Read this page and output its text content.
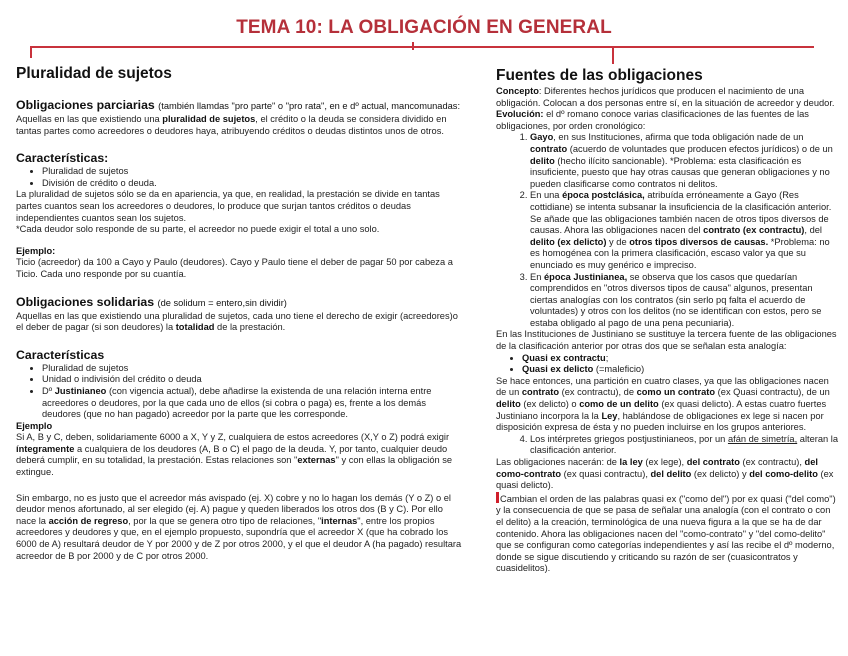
TEMA 10: LA OBLIGACIÓN EN GENERAL
Pluralidad de sujetos
Obligaciones parciarias (también llamdas "pro parte" o "pro rata", en e dº actual, mancomunadas:

Aquellas en las que existiendo una pluralidad de sujetos, el crédito o la deuda se considera dividido en tantas partes como acreedores o deudores haya, atribuyendo créditos o deudas distintos unos de otros.

Características:
• Pluralidad de sujetos
• División de crédito o deuda.

La pluralidad de sujetos sólo se da en apariencia, ya que, en realidad, la prestación se divide en tantas partes cuantos sean los acreedores o deudores, lo produce que surjan tantos créditos o deudas independientes cuantos sean los sujetos.

*Cada deudor solo responde de su parte, el acreedor no puede exigir el total a uno solo.

Ejemplo:

Ticio (acreedor) da 100 a Cayo y Paulo (deudores). Cayo y Paulo tiene el deber de pagar 50 por cabeza a Ticio. Cada uno responde por su cuantía.

Obligaciones solidarias (de solidum = entero,sin dividir)

Aquellas en las que existiendo una pluralidad de sujetos, cada uno tiene el derecho de exigir (acreedores)o el deber de pagar (si son deudores) la totalidad de la prestación.

Características
• Pluralidad de sujetos
• Unidad o indivisión del crédito o deuda
• Dº Justinianeo (con vigencia actual), debe añadirse la existenda de una relación interna entre acreedores o deudores, por la que cada uno de ellos (si cobra o paga) es, frente a los demás deudores (que no han pagado) acreedor por la parte que les corresponde.

Ejemplo

Si A, B y C, deben, solidariamente 6000 a X, Y y Z, cualquiera de estos acreedores (X,Y o Z) podrá exigir íntegramente a cualquiera de los deudores (A, B o C) el pago de la deuda. Y, por tanto, cualquier deudo deberá cumplir, en su totalidad, la prestación. Estas relaciones son "externas" y con ellas la obligación se extingue.

Sin embargo, no es justo que el acreedor más avispado (ej. X) cobre y no lo hagan los demás (Y o Z) o el deudor menos afortunado, al ser elegido (ej. A) pague y queden liberados los otros dos (B y C). Por ello nace la acción de regreso, por la que se genera otro tipo de relaciones, "internas", entre los propios acreedores y deudores y que, en el ejemplo propuesto, supondría que el acreedor X (que ha cobrado los 6000 de A) resultará deudor de Y por 2000 y de Z por otros 2000, y el que el deudor A (ha pagado) resultara acreedor de B por 2000 y de C por otros 2000.

Fuentes de las obligaciones

Concepto: Diferentes hechos jurídicos que producen el nacimiento de una obligación. Colocan a dos personas entre sí, en la situación de acreedor y deudor.

Evolución: el dº romano conoce varias clasificaciones de las fuentes de las obligaciones, por orden cronológico:

1. Gayo, en sus Instituciones, afirma que toda obligación nade de un contrato (acuerdo de voluntades que producen efectos jurídicos) o de un delito (hecho ilícito sancionable). *Problema: esta clasificación es insuficiente, puesto que hay otras causas que generan obligaciones y no pueden clasificarse como contratos ni delitos.
2. En una época postclásica, atribuída erróneamente a Gayo (Res cottidiane) se intenta subsanar la insuficiencia de la clasificación anterior. Se añade que las obligaciones también nacen de otros tipos diversos de causas. Ahora las obligaciones nacen del contrato (ex contractu), del delito (ex delicto) y de otros tipos diversos de causas. *Problema: no es homogénea con la primera clasificación, escaso valor ya que su enunciado es muy genérico e impreciso.
3. En época Justinianea, se observa que los casos que quedarían comprendidos en "otros diversos tipos de causa" algunos, presentan ciertas analogías con los contratos (sin serlo pq falta el acuerdo de voluntades) y otros con los delitos (no se identifican con estos, pero se estaba obligado al pago de una pena pecuniaria).

En las Instituciones de Justiniano se sustituye la tercera fuente de las obligaciones de la clasificación anterior por otras dos que se señalan esta analogía:

• Quasi ex contractu;
• Quasi ex delicto (=maleficio)

Se hace entonces, una partición en cuatro clases, ya que las obligaciones nacen de un contrato (ex contractu), de como un contrato (ex Quasi contractu), de un delito (ex delicto) o como de un delito (ex quasi delicto). A estas cuatro fuertes Justiniano incorpora la la Ley, hablándose de obligaciones ex lege si nacen por disposición expresa de ésta y no pueden incluirse en los grupos anteriores.

4. Los intérpretes griegos postjustinianeos, por un afán de simetría, alteran la clasificación anterior.

Las obligaciones nacerán: de la ley (ex lege), del contrato (ex contractu), del como-contrato (ex quasi contractu), del delito (ex delicto) y del como-delito (ex quasi delicto).

Cambian el orden de las palabras quasi ex ("como del") por ex quasi ("del como") y la consecuencia de que se pasa de señalar una analogía (con el contrato o con el delito) a la creación, terminológica de una nueva figura a la que se ha de dar contenido. Ahora las obligaciones nacen del "como-contrato" y "del como-delito" que se configuran como categorías independientes y así las recibe el dº moderno, donde se sigue discutiendo y criticando su razón de ser (cuasicontratos y cuasidelitos).
